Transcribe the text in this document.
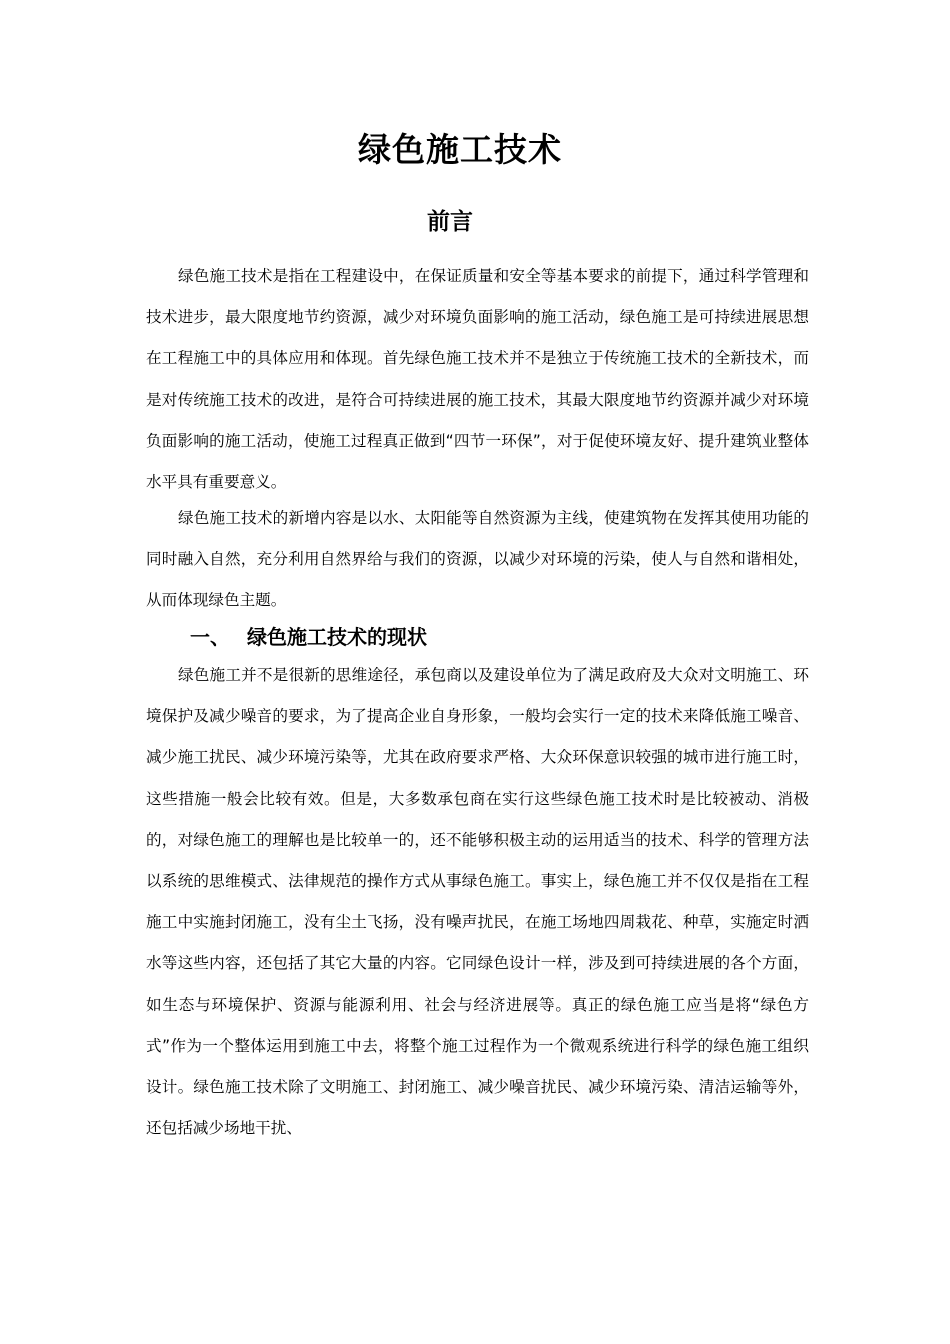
绿色施工技术
前言

绿色施工技术是指在工程建设中，在保证质量和安全等基本要求的前提下，通过科学管理和技术进步，最大限度地节约资源，减少对环境负面影响的施工活动，绿色施工是可持续进展思想在工程施工中的具体应用和体现。首先绿色施工技术并不是独立于传统施工技术的全新技术，而是对传统施工技术的改进，是符合可持续进展的施工技术，其最大限度地节约资源并减少对环境负面影响的施工活动，使施工过程真正做到“四节一环保”，对于促使环境友好、提升建筑业整体水平具有重要意义。

绿色施工技术的新增内容是以水、太阳能等自然资源为主线，使建筑物在发挥其使用功能的同时融入自然，充分利用自然界给与我们的资源，以减少对环境的污染，使人与自然和谐相处，从而体现绿色主题。

一、 绿色施工技术的现状

绿色施工并不是很新的思维途径，承包商以及建设单位为了满足政府及大众对文明施工、环境保护及减少噪音的要求，为了提高企业自身形象，一般均会实行一定的技术来降低施工噪音、减少施工扰民、减少环境污染等，尤其在政府要求严格、大众环保意识较强的城市进行施工时，这些措施一般会比较有效。但是，大多数承包商在实行这些绿色施工技术时是比较被动、消极的，对绿色施工的理解也是比较单一的，还不能够积极主动的运用适当的技术、科学的管理方法以系统的思维模式、法律规范的操作方式从事绿色施工。事实上，绿色施工并不仅仅是指在工程施工中实施封闭施工，没有尘土飞扬，没有噪声扰民，在施工场地四周栽花、种草，实施定时洒水等这些内容，还包括了其它大量的内容。它同绿色设计一样，涉及到可持续进展的各个方面，如生态与环境保护、资源与能源利用、社会与经济进展等。真正的绿色施工应当是将“绿色方式”作为一个整体运用到施工中去，将整个施工过程作为一个微观系统进行科学的绿色施工组织设计。绿色施工技术除了文明施工、封闭施工、减少噪音扰民、减少环境污染、清洁运输等外，还包括减少场地干扰、
